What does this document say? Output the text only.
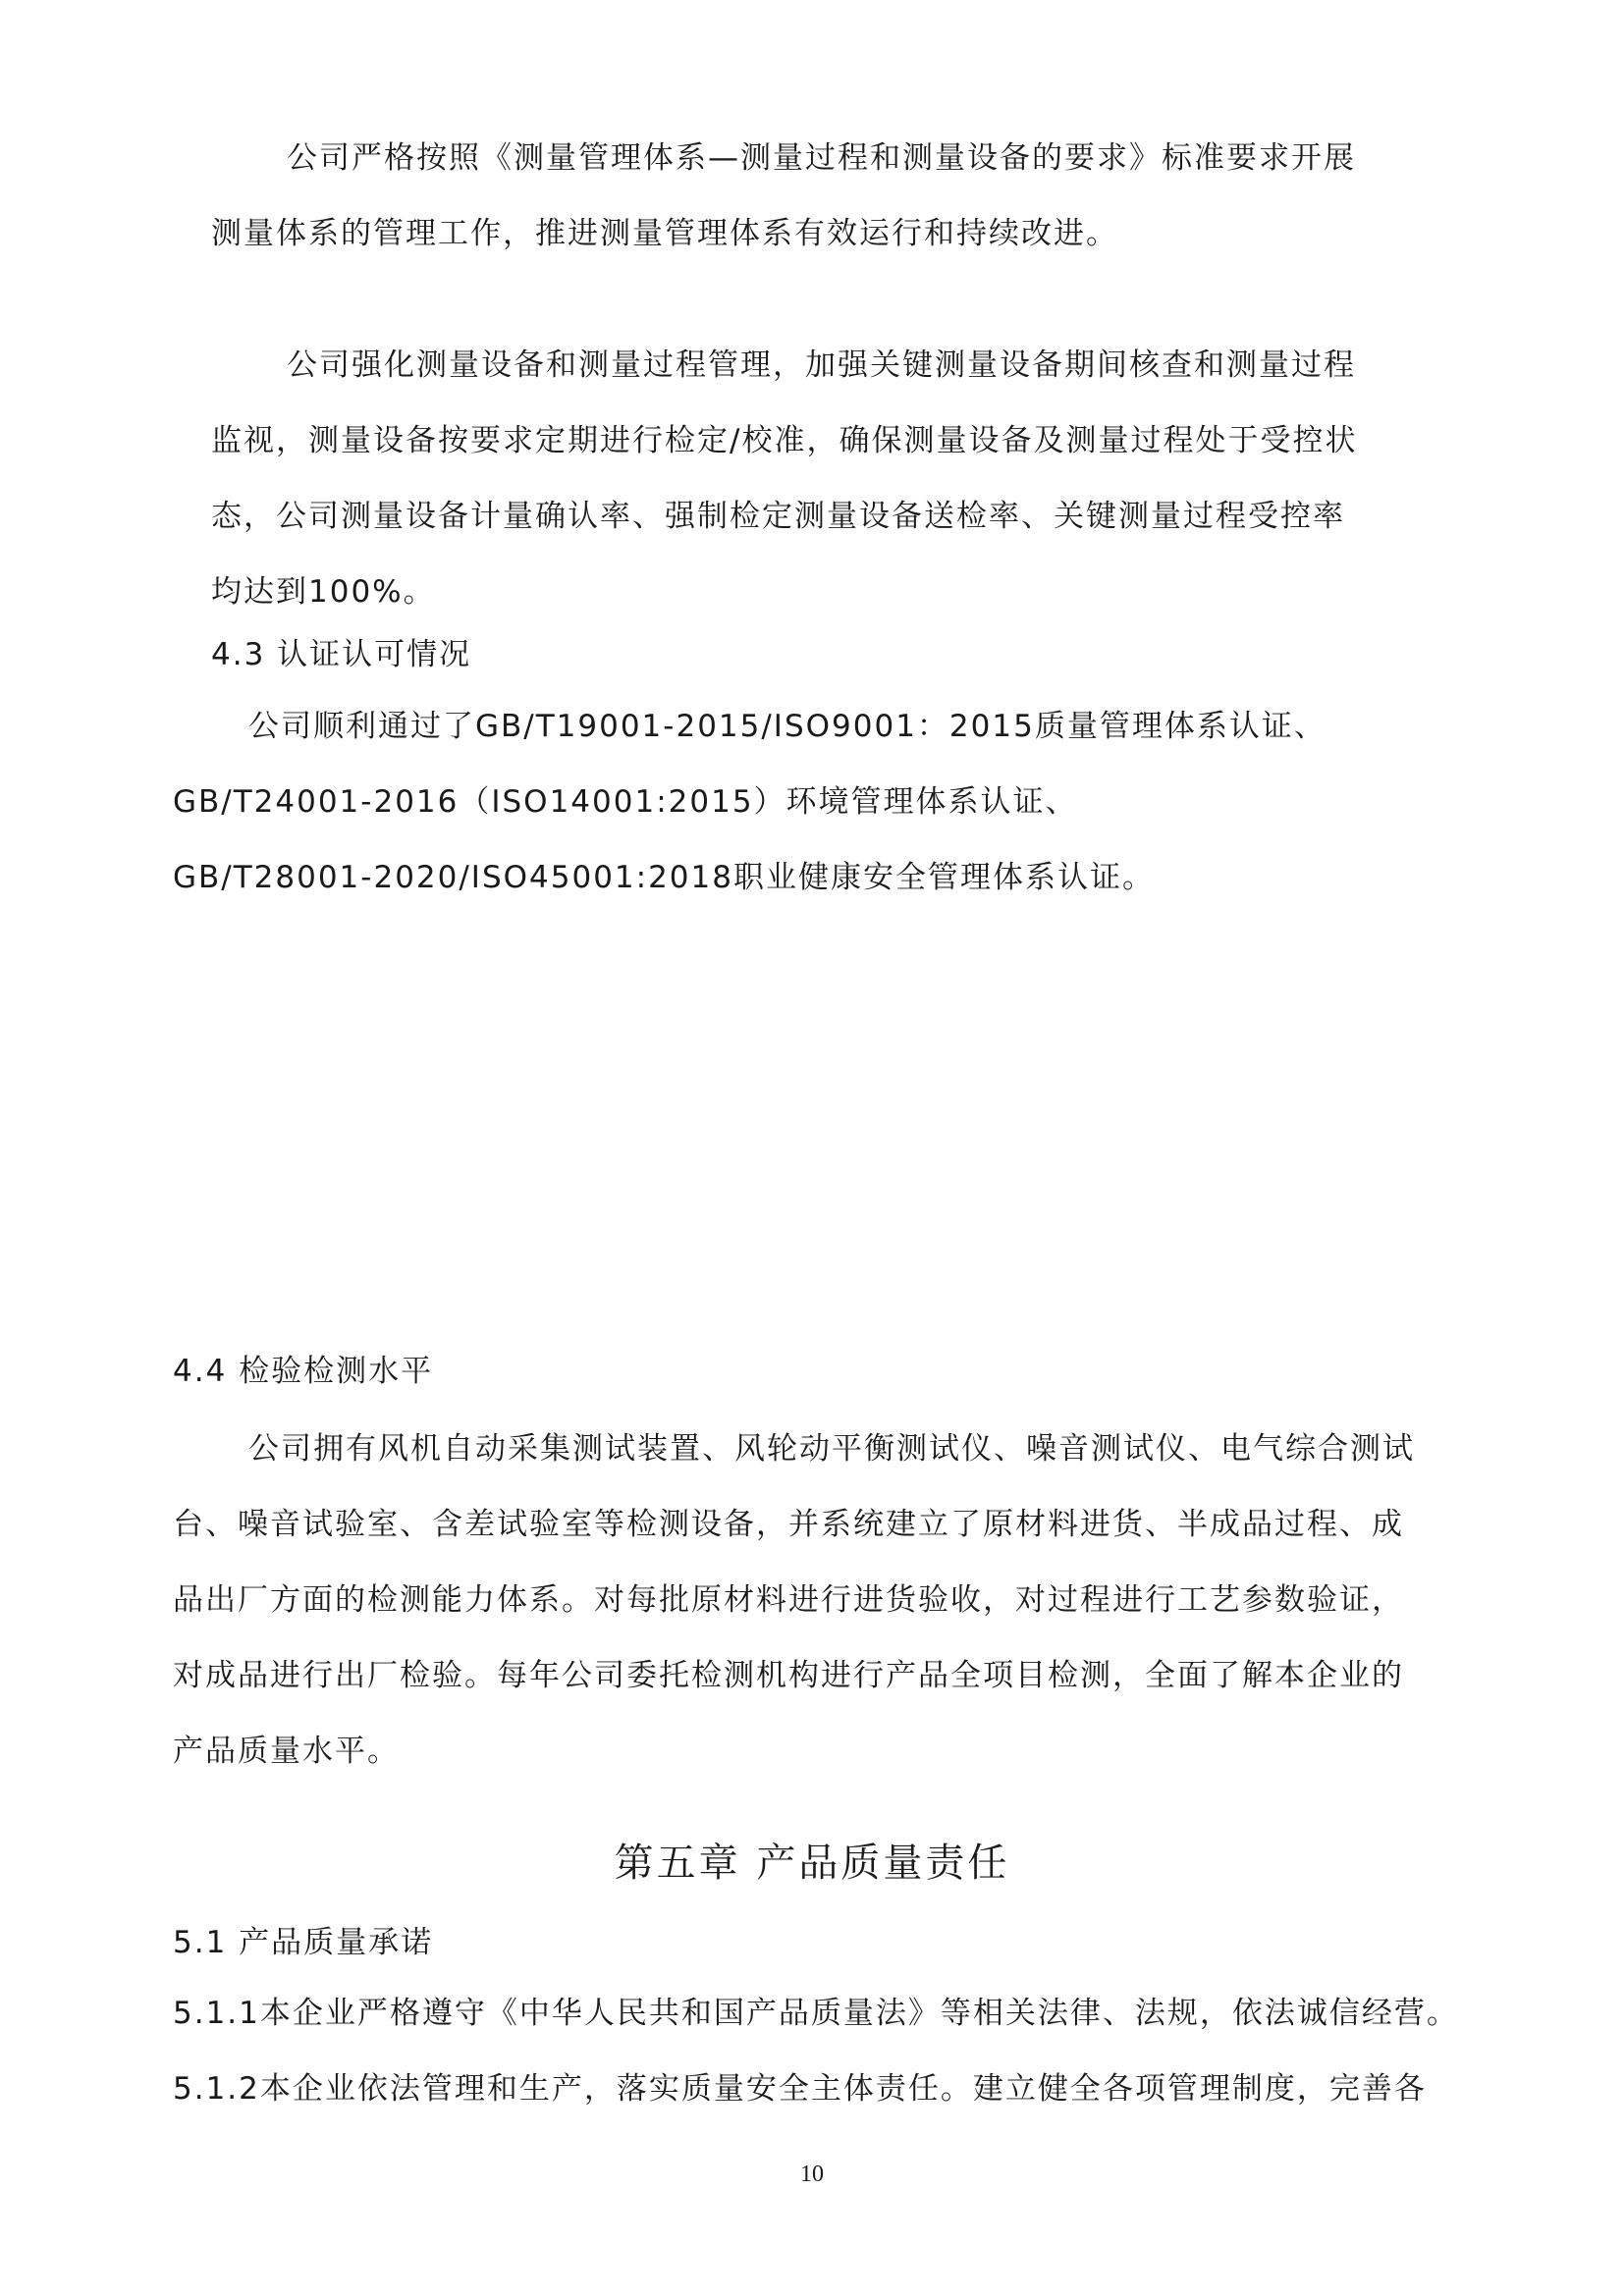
公司严格按照《测量管理体系—测量过程和测量设备的要求》标准要求开展
测量体系的管理工作，推进测量管理体系有效运行和持续改进。
公司强化测量设备和测量过程管理，加强关键测量设备期间核查和测量过程
监视，测量设备按要求定期进行检定/校准，确保测量设备及测量过程处于受控状
态，公司测量设备计量确认率、强制检定测量设备送检率、关键测量过程受控率
均达到100%。
4.3 认证认可情况
公司顺利通过了GB/T19001-2015/ISO9001：2015质量管理体系认证、
GB/T24001-2016（ISO14001:2015）环境管理体系认证、
GB/T28001-2020/ISO45001:2018职业健康安全管理体系认证。
4.4 检验检测水平
公司拥有风机自动采集测试装置、风轮动平衡测试仪、噪音测试仪、电气综合测试
台、噪音试验室、含差试验室等检测设备，并系统建立了原材料进货、半成品过程、成
品出厂方面的检测能力体系。对每批原材料进行进货验收，对过程进行工艺参数验证，
对成品进行出厂检验。每年公司委托检测机构进行产品全项目检测，全面了解本企业的
产品质量水平。
第五章 产品质量责任
5.1 产品质量承诺
5.1.1本企业严格遵守《中华人民共和国产品质量法》等相关法律、法规，依法诚信经营。
5.1.2本企业依法管理和生产，落实质量安全主体责任。建立健全各项管理制度，完善各
10
